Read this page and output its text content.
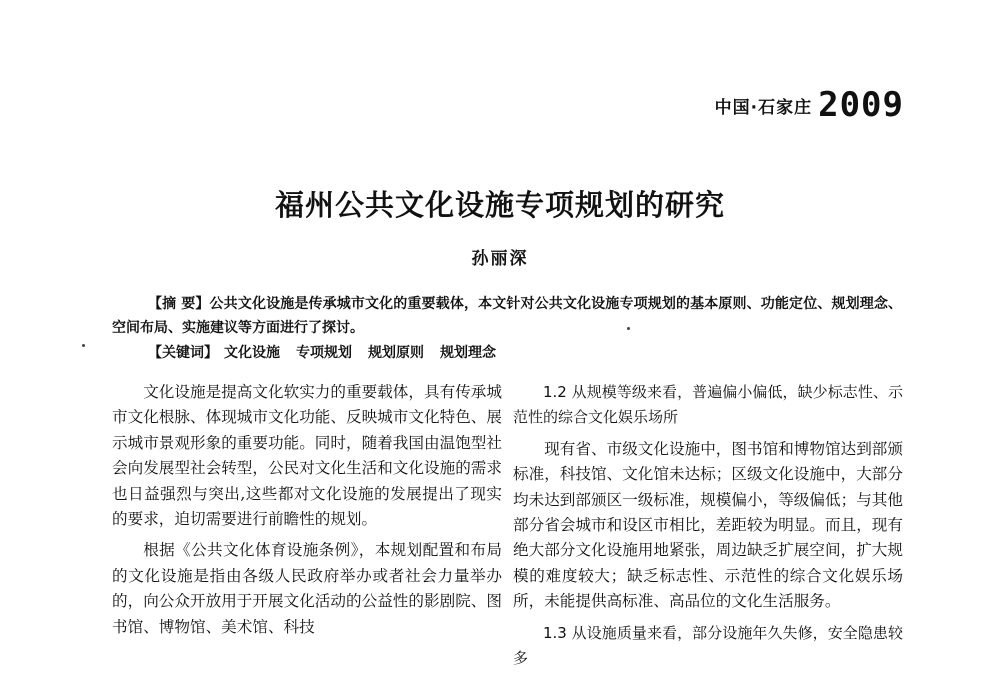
中国·石家庄 2009
福州公共文化设施专项规划的研究
孙丽深

【摘 要】公共文化设施是传承城市文化的重要载体，本文针对公共文化设施专项规划的基本原则、功能定位、规划理念、空间布局、实施建议等方面进行了探讨。

【关键词】 文化设施 专项规划 规划原则 规划理念

文化设施是提高文化软实力的重要载体，具有传承城市文化根脉、体现城市文化功能、反映城市文化特色、展示城市景观形象的重要功能。同时，随着我国由温饱型社会向发展型社会转型，公民对文化生活和文化设施的需求也日益强烈与突出,这些都对文化设施的发展提出了现实的要求，迫切需要进行前瞻性的规划。

根据《公共文化体育设施条例》，本规划配置和布局的文化设施是指由各级人民政府举办或者社会力量举办的，向公众开放用于开展文化活动的公益性的影剧院、图书馆、博物馆、美术馆、科技

1.2 从规模等级来看，普遍偏小偏低，缺少标志性、示范性的综合文化娱乐场所

现有省、市级文化设施中，图书馆和博物馆达到部颁标准，科技馆、文化馆未达标；区级文化设施中，大部分均未达到部颁区一级标准，规模偏小，等级偏低；与其他部分省会城市和设区市相比，差距较为明显。而且，现有绝大部分文化设施用地紧张，周边缺乏扩展空间，扩大规模的难度较大；缺乏标志性、示范性的综合文化娱乐场所，未能提供高标准、高品位的文化生活服务。

1.3 从设施质量来看，部分设施年久失修，安全隐患较多
